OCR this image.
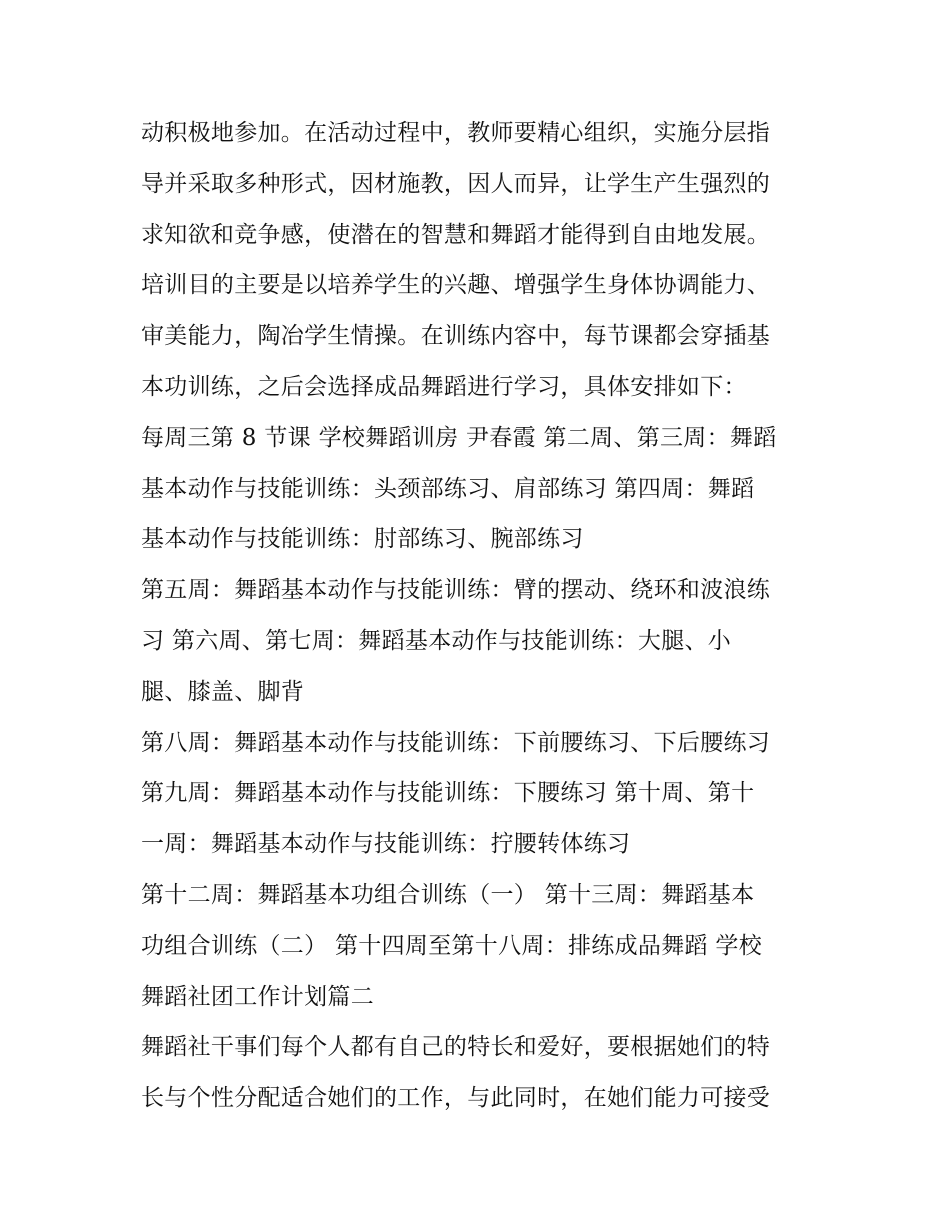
动积极地参加。在活动过程中，教师要精心组织，实施分层指
导并采取多种形式，因材施教，因人而异，让学生产生强烈的
求知欲和竞争感，使潜在的智慧和舞蹈才能得到自由地发展。
培训目的主要是以培养学生的兴趣、增强学生身体协调能力、
审美能力，陶冶学生情操。在训练内容中，每节课都会穿插基
本功训练，之后会选择成品舞蹈进行学习，具体安排如下：
每周三第 8 节课 学校舞蹈训房 尹春霞 第二周、第三周：舞蹈
基本动作与技能训练：头颈部练习、肩部练习 第四周：舞蹈
基本动作与技能训练：肘部练习、腕部练习
第五周：舞蹈基本动作与技能训练：臂的摆动、绕环和波浪练
习 第六周、第七周：舞蹈基本动作与技能训练：大腿、小
腿、膝盖、脚背
第八周：舞蹈基本动作与技能训练：下前腰练习、下后腰练习
第九周：舞蹈基本动作与技能训练：下腰练习 第十周、第十
一周：舞蹈基本动作与技能训练：拧腰转体练习
第十二周：舞蹈基本功组合训练（一） 第十三周：舞蹈基本
功组合训练（二） 第十四周至第十八周：排练成品舞蹈 学校
舞蹈社团工作计划篇二
舞蹈社干事们每个人都有自己的特长和爱好，要根据她们的特
长与个性分配适合她们的工作，与此同时，在她们能力可接受
